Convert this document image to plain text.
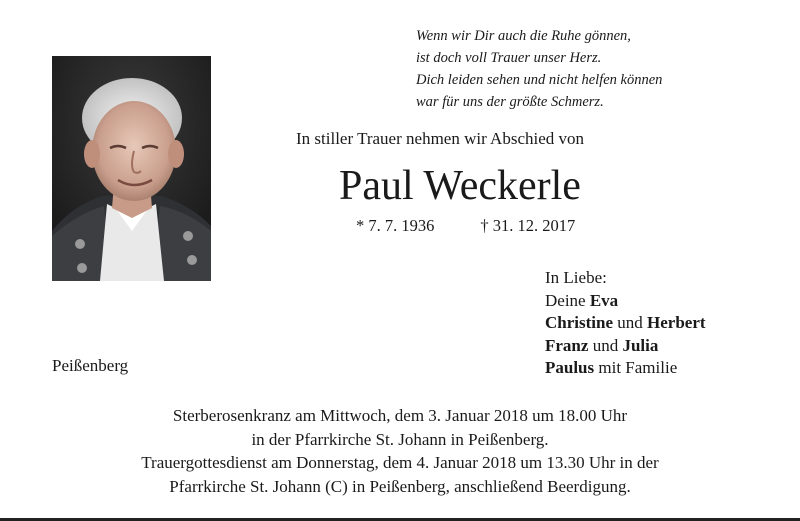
Wenn wir Dir auch die Ruhe gönnen,
ist doch voll Trauer unser Herz.
Dich leiden sehen und nicht helfen können
war für uns der größte Schmerz.
In stiller Trauer nehmen wir Abschied von
Paul Weckerle
* 7. 7. 1936	† 31. 12. 2017
In Liebe:
Deine Eva
Christine und Herbert
Franz und Julia
Paulus mit Familie
Peißenberg
Sterberosenkranz am Mittwoch, dem 3. Januar 2018 um 18.00 Uhr
in der Pfarrkirche St. Johann in Peißenberg.
Trauergottesdienst am Donnerstag, dem 4. Januar 2018 um 13.30 Uhr in der
Pfarrkirche St. Johann (C) in Peißenberg, anschließend Beerdigung.
